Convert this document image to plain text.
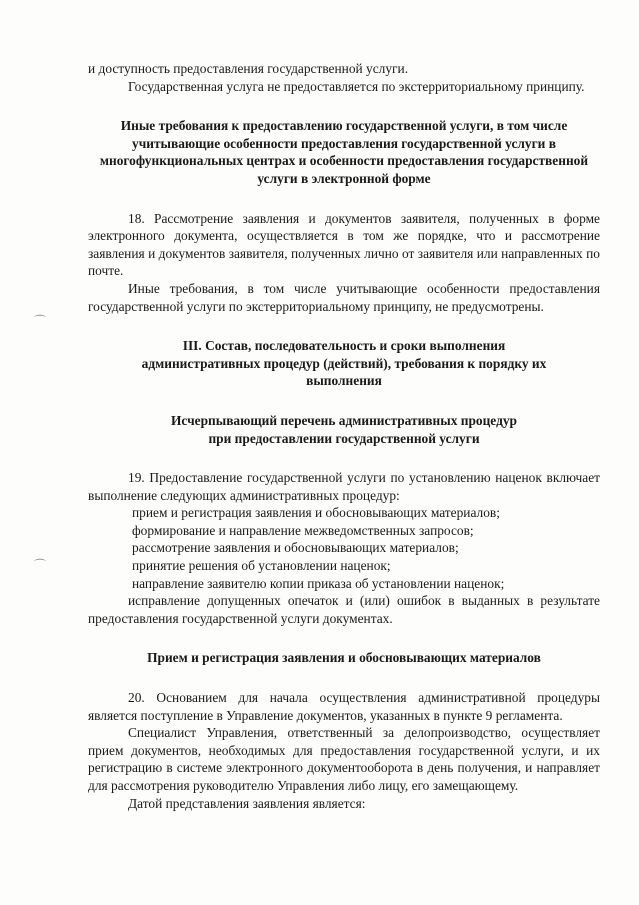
⌒
⌒

и доступность предоставления государственной услуги.

Государственная услуга не предоставляется по экстерриториальному принципу.

Иные требования к предоставлению государственной услуги, в том числе учитывающие особенности предоставления государственной услуги в многофункциональных центрах и особенности предоставления государственной услуги в электронной форме

18. Рассмотрение заявления и документов заявителя, полученных в форме электронного документа, осуществляется в том же порядке, что и рассмотрение заявления и документов заявителя, полученных лично от заявителя или направленных по почте.

Иные требования, в том числе учитывающие особенности предоставления государственной услуги по экстерриториальному принципу, не предусмотрены.

III. Состав, последовательность и сроки выполнения административных процедур (действий), требования к порядку их выполнения

Исчерпывающий перечень административных процедур при предоставлении государственной услуги

19. Предоставление государственной услуги по установлению наценок включает выполнение следующих административных процедур:

прием и регистрация заявления и обосновывающих материалов;

формирование и направление межведомственных запросов;

рассмотрение заявления и обосновывающих материалов;

принятие решения об установлении наценок;

направление заявителю копии приказа об установлении наценок;

исправление допущенных опечаток и (или) ошибок в выданных в результате предоставления государственной услуги документах.

Прием и регистрация заявления и обосновывающих материалов

20. Основанием для начала осуществления административной процедуры является поступление в Управление документов, указанных в пункте 9 регламента.

Специалист Управления, ответственный за делопроизводство, осуществляет прием документов, необходимых для предоставления государственной услуги, и их регистрацию в системе электронного документооборота в день получения, и направляет для рассмотрения руководителю Управления либо лицу, его замещающему.

Датой представления заявления является:
